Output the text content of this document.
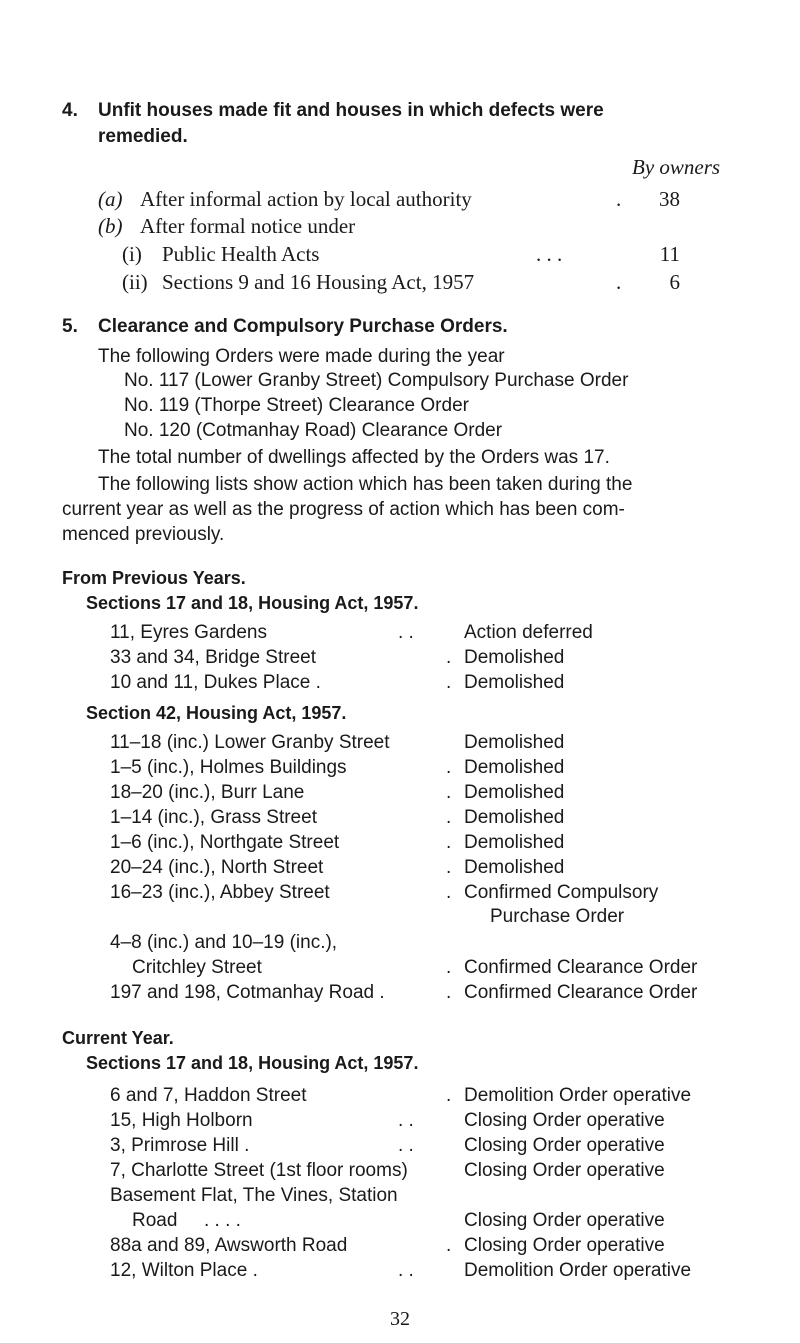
4. Unfit houses made fit and houses in which defects were
remedied.
By owners
(a) After informal action by local authority	.	38
(b) After formal notice under
(i) Public Health Acts	. . .	11
(ii) Sections 9 and 16 Housing Act, 1957	.	6
5. Clearance and Compulsory Purchase Orders.
The following Orders were made during the year
No. 117 (Lower Granby Street) Compulsory Purchase Order
No. 119 (Thorpe Street) Clearance Order
No. 120 (Cotmanhay Road) Clearance Order
The total number of dwellings affected by the Orders was 17.
The following lists show action which has been taken during the
current year as well as the progress of action which has been com-
menced previously.
From Previous Years.
Sections 17 and 18, Housing Act, 1957.
11, Eyres Gardens	. .	Action deferred
33 and 34, Bridge Street	. Demolished
10 and 11, Dukes Place .	. Demolished
Section 42, Housing Act, 1957.
11–18 (inc.) Lower Granby Street	Demolished
1–5 (inc.), Holmes Buildings	. Demolished
18–20 (inc.), Burr Lane	. Demolished
1–14 (inc.), Grass Street	. Demolished
1–6 (inc.), Northgate Street	. Demolished
20–24 (inc.), North Street	. Demolished
16–23 (inc.), Abbey Street	. Confirmed Compulsory
Purchase Order
4–8 (inc.) and 10–19 (inc.),
Critchley Street	. Confirmed Clearance Order
197 and 198, Cotmanhay Road .	. Confirmed Clearance Order
Current Year.
Sections 17 and 18, Housing Act, 1957.
6 and 7, Haddon Street	. Demolition Order operative
15, High Holborn	. .	Closing Order operative
3, Primrose Hill .	. .	Closing Order operative
7, Charlotte Street (1st floor rooms)	Closing Order operative
Basement Flat, The Vines, Station
Road . . . .	Closing Order operative
88a and 89, Awsworth Road	. Closing Order operative
12, Wilton Place .	. .	Demolition Order operative
32
